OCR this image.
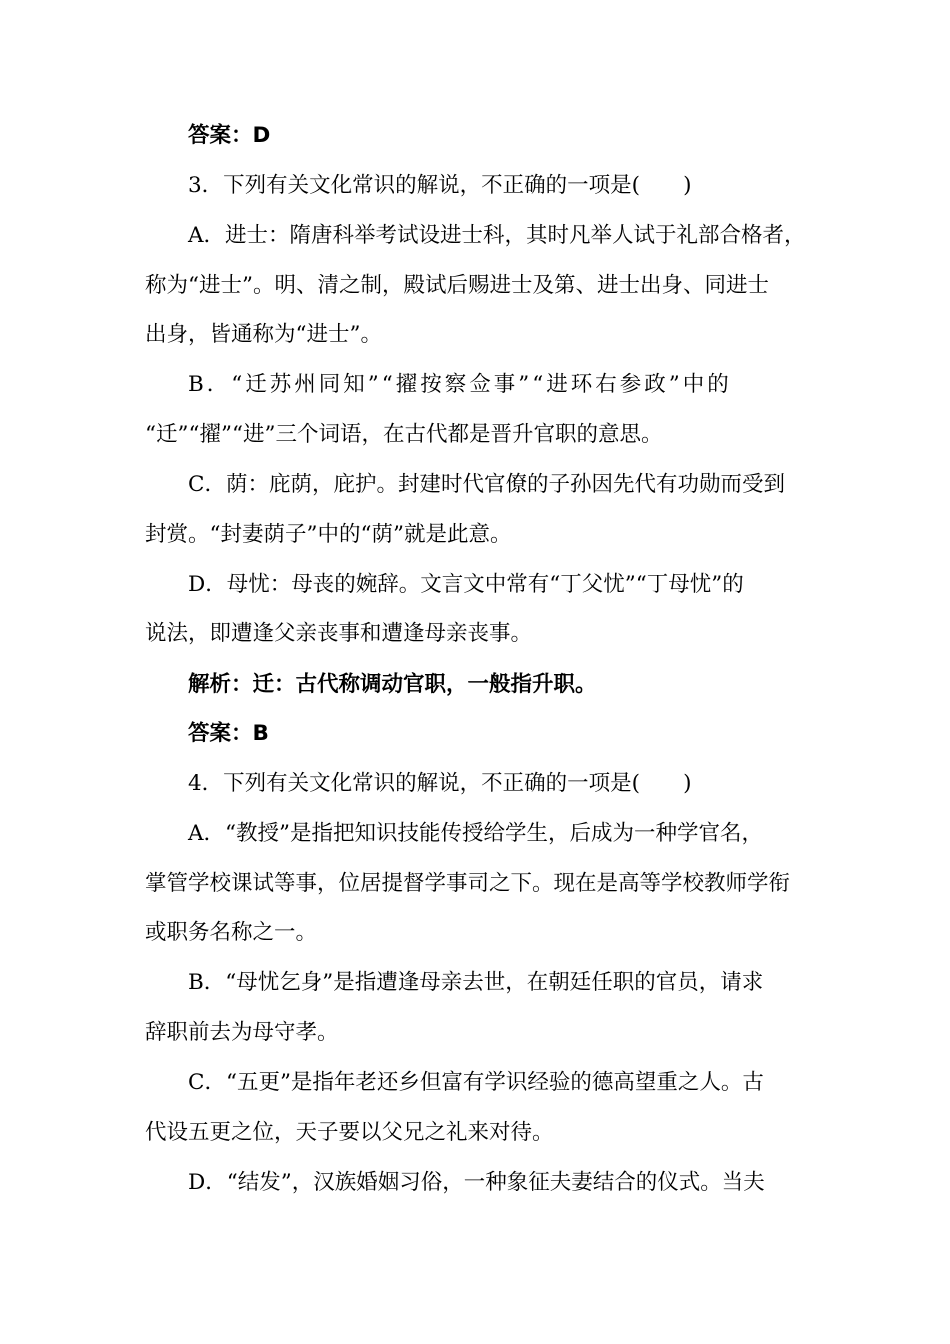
答案：D
3．下列有关文化常识的解说，不正确的一项是(　　)
A．进士：隋唐科举考试设进士科，其时凡举人试于礼部合格者，
称为“进士”。明、清之制，殿试后赐进士及第、进士出身、同进士
出身，皆通称为“进士”。
B．“迁苏州同知”“擢按察佥事”“进环右参政”中的
“迁”“擢”“进”三个词语，在古代都是晋升官职的意思。
C．荫：庇荫，庇护。封建时代官僚的子孙因先代有功勋而受到
封赏。“封妻荫子”中的“荫”就是此意。
D．母忧：母丧的婉辞。文言文中常有“丁父忧”“丁母忧”的
说法，即遭逢父亲丧事和遭逢母亲丧事。
解析：迁：古代称调动官职，一般指升职。
答案：B
4．下列有关文化常识的解说，不正确的一项是(　　)
A．“教授”是指把知识技能传授给学生，后成为一种学官名，
掌管学校课试等事，位居提督学事司之下。现在是高等学校教师学衔
或职务名称之一。
B．“母忧乞身”是指遭逢母亲去世，在朝廷任职的官员，请求
辞职前去为母守孝。
C．“五更”是指年老还乡但富有学识经验的德高望重之人。古
代设五更之位，天子要以父兄之礼来对待。
D．“结发”，汉族婚姻习俗，一种象征夫妻结合的仪式。当夫
